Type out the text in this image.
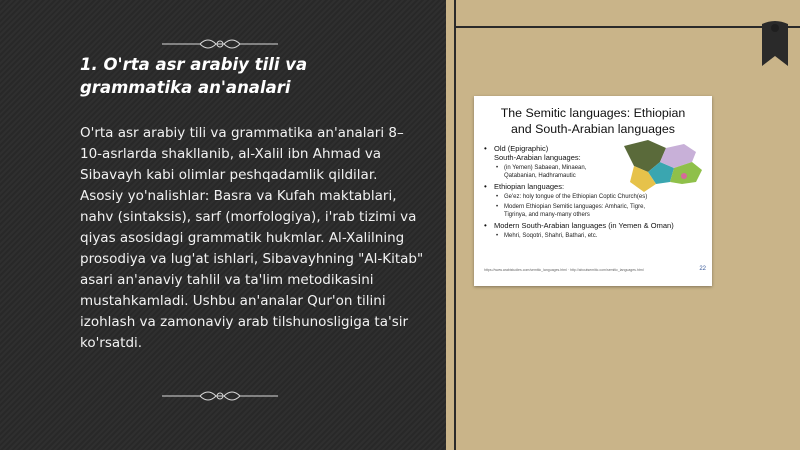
1. O'rta asr arabiy tili va grammatika an'analari

O'rta asr arabiy tili va grammatika an'analari 8–10-asrlarda shakllanib, al-Xalil ibn Ahmad va Sibavayh kabi olimlar peshqadamlik qildilar. Asosiy yo'nalishlar: Basra va Kufah maktablari, nahv (sintaksis), sarf (morfologiya), i'rab tizimi va qiyas asosidagi grammatik hukmlar. Al-Xalilning prosodiya va lug'at ishlari, Sibavayhning "Al-Kitab" asari an'anaviy tahlil va ta'lim metodikasini mustahkamladi. Ushbu an'analar Qur'on tilini izohlash va zamonaviy arab tilshunosligiga ta'sir ko'rsatdi.

The Semitic languages: Ethiopian
and South-Arabian languages
• Old (Epigraphic)
South-Arabian languages:
• (in Yemen) Sabaean, Minaean,
Qatabanian, Hadhramautic
• Ethiopian languages:
• Ge'ez: holy tongue of the Ethiopian Coptic Church(es)
• Modern Ethiopian Semitic languages: Amharic, Tigre,
Tigrinya, and many-many others
• Modern South-Arabian languages (in Yemen & Oman)
• Mehri, Soqotri, Shahri, Bathari, etc.
https://www.arabistudies.com/semitic_languages.html · http://aboutsemitic.com/semitic_languages.html	22
